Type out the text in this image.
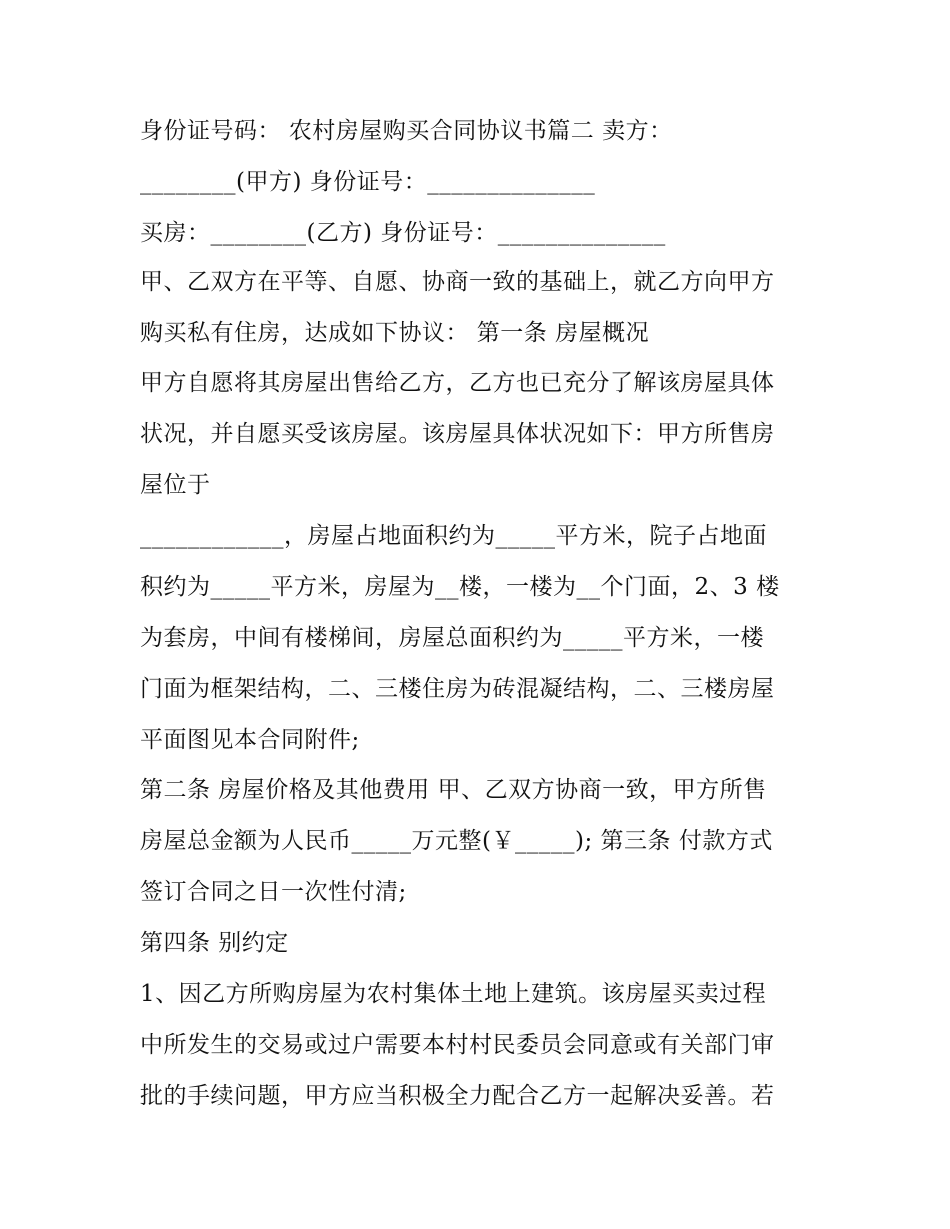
身份证号码： 农村房屋购买合同协议书篇二 卖方：
________(甲方) 身份证号：______________
买房：________(乙方) 身份证号：______________
甲、乙双方在平等、自愿、协商一致的基础上，就乙方向甲方
购买私有住房，达成如下协议： 第一条 房屋概况
甲方自愿将其房屋出售给乙方，乙方也已充分了解该房屋具体
状况，并自愿买受该房屋。该房屋具体状况如下：甲方所售房
屋位于
____________，房屋占地面积约为_____平方米，院子占地面
积约为_____平方米，房屋为__楼，一楼为__个门面，2、3 楼
为套房，中间有楼梯间，房屋总面积约为_____平方米，一楼
门面为框架结构，二、三楼住房为砖混凝结构，二、三楼房屋
平面图见本合同附件;
第二条 房屋价格及其他费用 甲、乙双方协商一致，甲方所售
房屋总金额为人民币_____万元整(￥_____); 第三条 付款方式
签订合同之日一次性付清;
第四条 别约定
1、因乙方所购房屋为农村集体土地上建筑。该房屋买卖过程
中所发生的交易或过户需要本村村民委员会同意或有关部门审
批的手续问题，甲方应当积极全力配合乙方一起解决妥善。若
